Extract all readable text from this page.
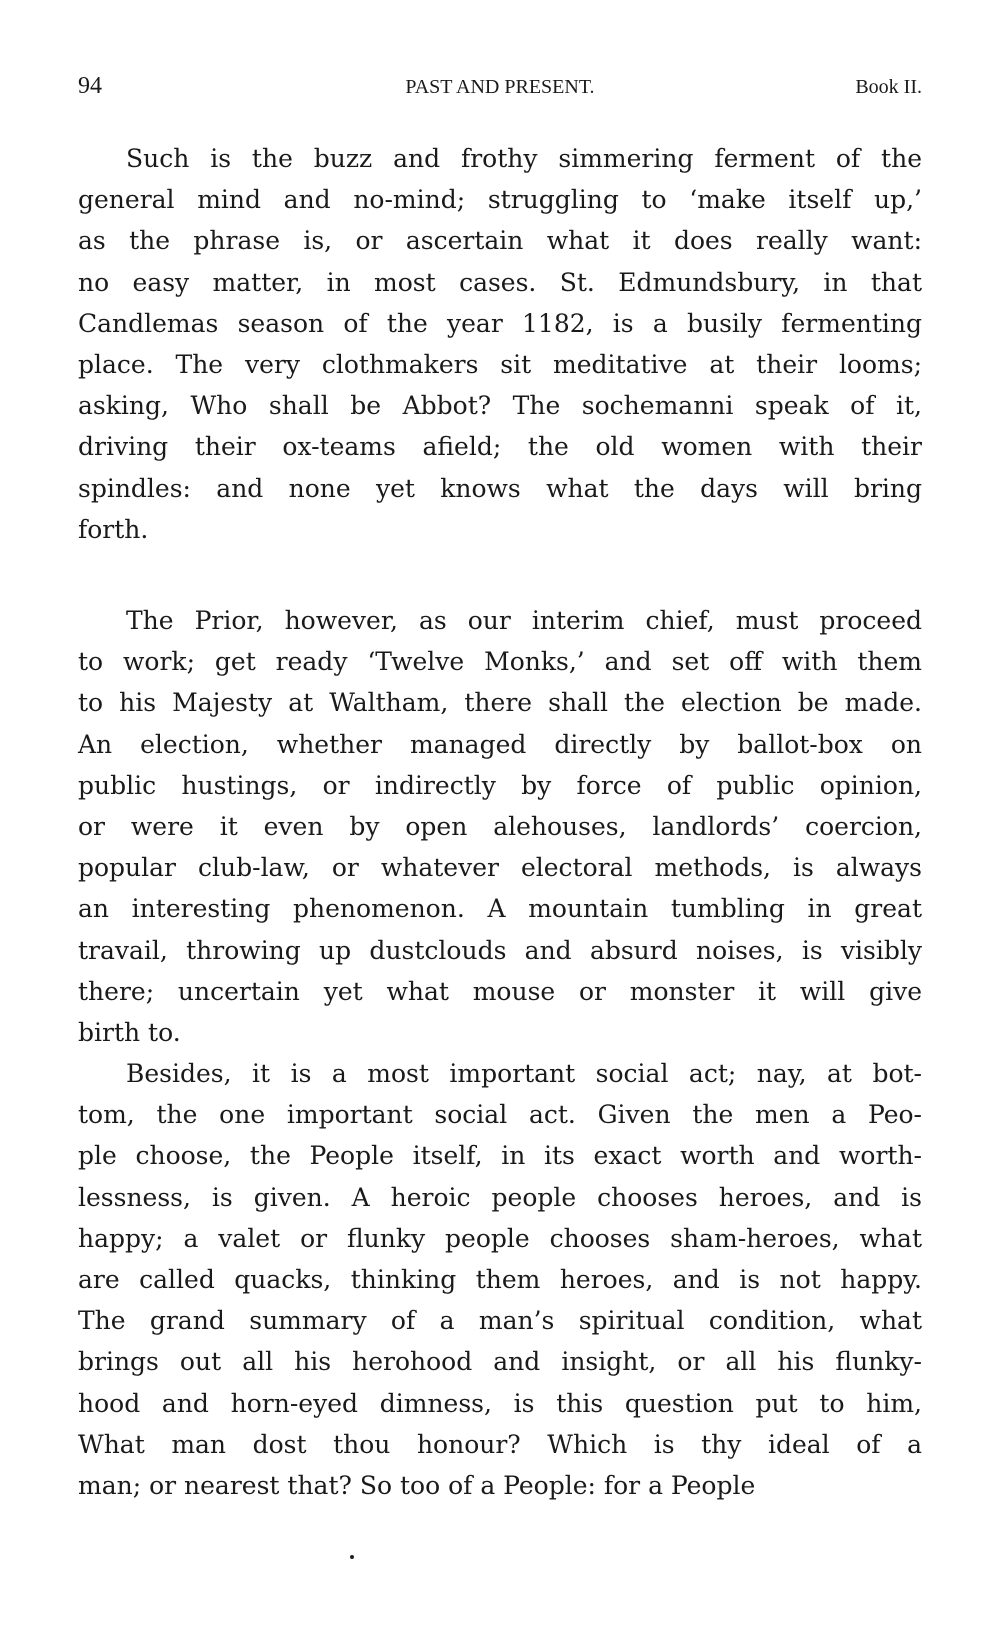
94	PAST AND PRESENT.	Book II.
Such is the buzz and frothy simmering ferment of the
general mind and no-mind; struggling to ‘make itself up,’
as the phrase is, or ascertain what it does really want:
no easy matter, in most cases. St. Edmundsbury, in that
Candlemas season of the year 1182, is a busily fermenting
place. The very clothmakers sit meditative at their looms;
asking, Who shall be Abbot? The sochemanni speak of it,
driving their ox-teams afield; the old women with their
spindles: and none yet knows what the days will bring
forth.
The Prior, however, as our interim chief, must proceed
to work; get ready ‘Twelve Monks,’ and set off with them
to his Majesty at Waltham, there shall the election be made.
An election, whether managed directly by ballot-box on
public hustings, or indirectly by force of public opinion,
or were it even by open alehouses, landlords’ coercion,
popular club-law, or whatever electoral methods, is always
an interesting phenomenon. A mountain tumbling in great
travail, throwing up dustclouds and absurd noises, is visibly
there; uncertain yet what mouse or monster it will give
birth to.
Besides, it is a most important social act; nay, at bot-
tom, the one important social act. Given the men a Peo-
ple choose, the People itself, in its exact worth and worth-
lessness, is given. A heroic people chooses heroes, and is
happy; a valet or flunky people chooses sham-heroes, what
are called quacks, thinking them heroes, and is not happy.
The grand summary of a man’s spiritual condition, what
brings out all his herohood and insight, or all his flunky-
hood and horn-eyed dimness, is this question put to him,
What man dost thou honour? Which is thy ideal of a
man; or nearest that? So too of a People: for a People
